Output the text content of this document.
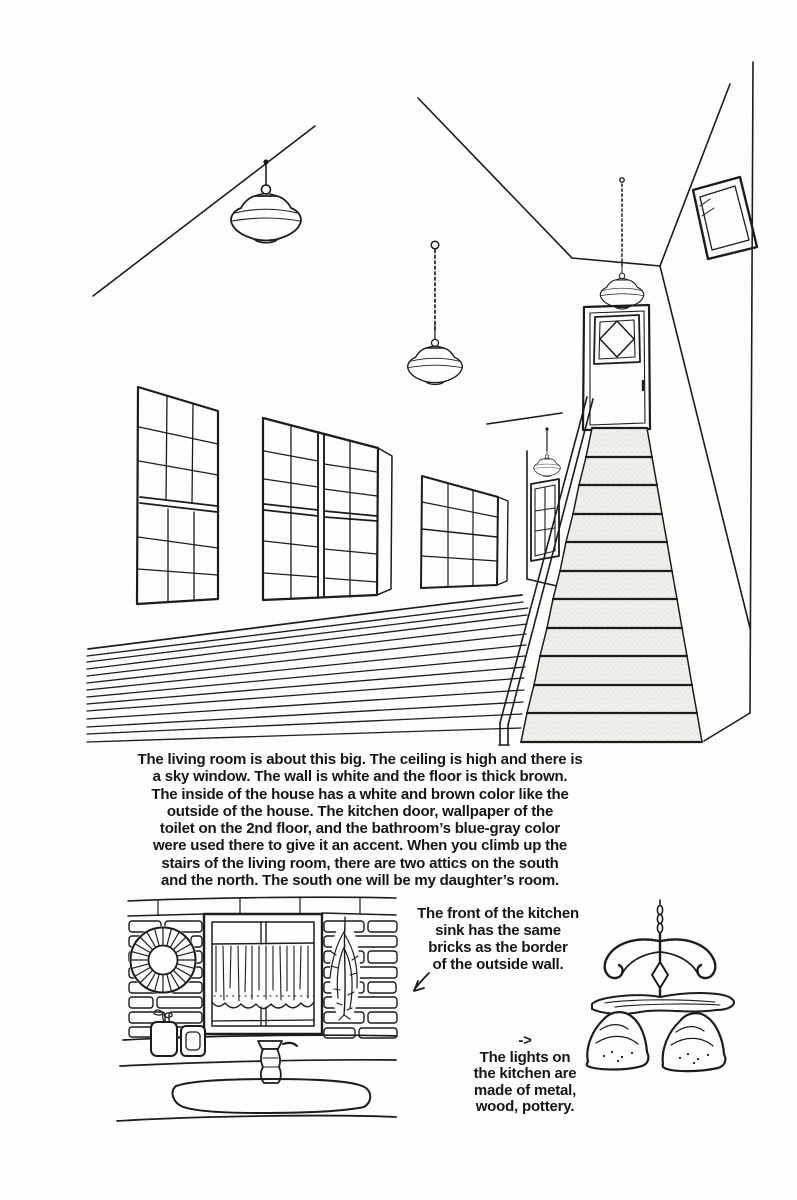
The living room is about this big. The ceiling is high and there is
a sky window. The wall is white and the floor is thick brown.
The inside of the house has a white and brown color like the
outside of the house. The kitchen door, wallpaper of the
toilet on the 2nd floor, and the bathroom’s blue-gray color
were used there to give it an accent. When you climb up the
stairs of the living room, there are two attics on the south
and the north. The south one will be my daughter’s room.
The front of the kitchen
sink has the same
bricks as the border
of the outside wall.
->
The lights on
the kitchen are
made of metal,
wood, pottery.
